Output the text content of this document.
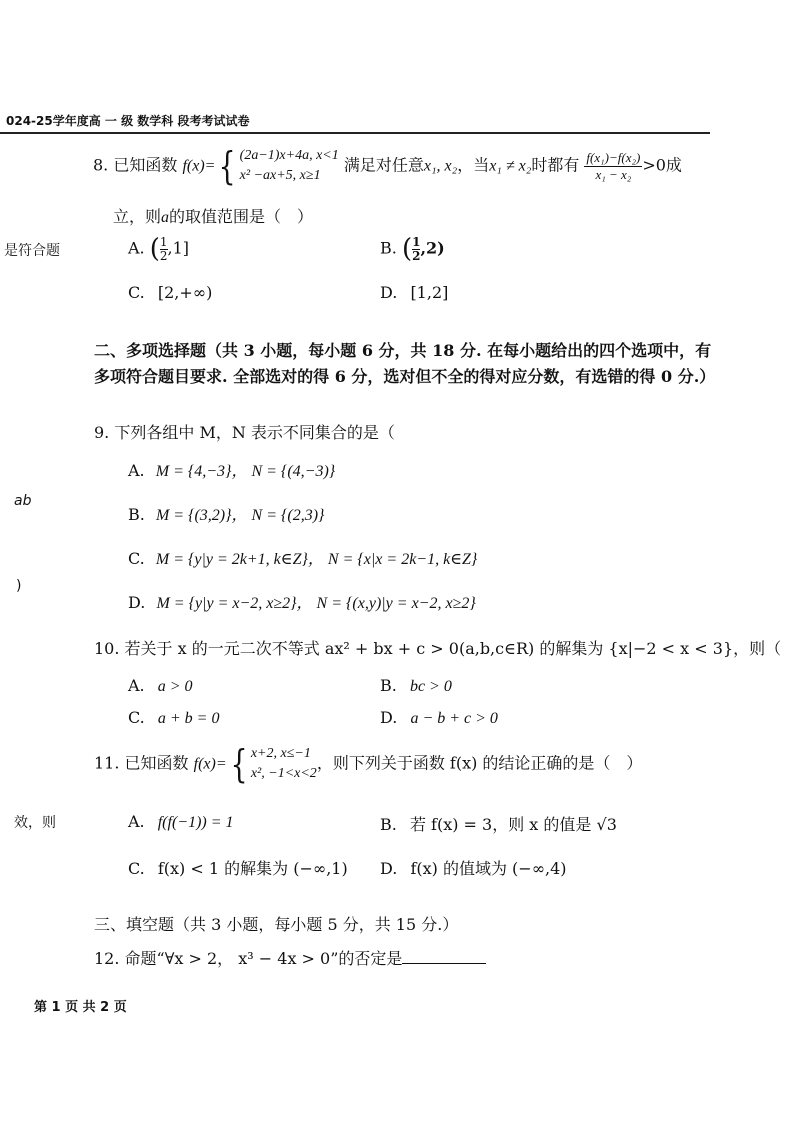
024-25学年度高 一 级 数学科 段考考试试卷
是符合题
ab
)
效，则
8. 已知函数 f(x)={ (2a−1)x+4a, x<1
x² −ax+5, x≥1
满足对任意x₁, x₂，当x₁ ≠ x₂时都有 $\frac{\text{f(x₁)−f(x₂)}}{\text{x₁ − x₂}} >0$成
立，则a的取值范围是（　）
A. ( $\frac{1}{2} ,1$]	B. ( $\frac{1}{2} ,2$)
C. [2,+∞)	D. [1,2]
二、多项选择题（共 3 小题，每小题 6 分，共 18 分. 在每小题给出的四个选项中，有
多项符合题目要求. 全部选对的得 6 分，选对但不全的得对应分数，有选错的得 0 分.）
9. 下列各组中 M，N 表示不同集合的是（　
A. M = {4,−3}， N = {(4,−3)}
B. M = {(3,2)}， N = {(2,3)}
C. M = {y|y = 2k+1, k∈Z}， N = {x|x = 2k−1, k∈Z}
D. M = {y|y = x−2, x≥2}， N = {(x,y)|y = x−2, x≥2}
10. 若关于 x 的一元二次不等式 ax² + bx + c > 0(a,b,c∈R) 的解集为 {x|−2 < x < 3}，则（
A. a > 0	B. bc > 0
C. a + b = 0	D. a − b + c > 0
11. 已知函数 f(x)={ x+2, x≤−1
x², −1<x<2
，则下列关于函数 f(x) 的结论正确的是（　）
A. f(f(−1)) = 1	B. 若 f(x) = 3，则 x 的值是 √3
C. f(x) < 1 的解集为 (−∞,1) D. f(x) 的值域为 (−∞,4)
三、填空题（共 3 小题，每小题 5 分，共 15 分.）
12. 命题“∀x > 2， x³ − 4x > 0”的否定是
第 1 页 共 2 页
